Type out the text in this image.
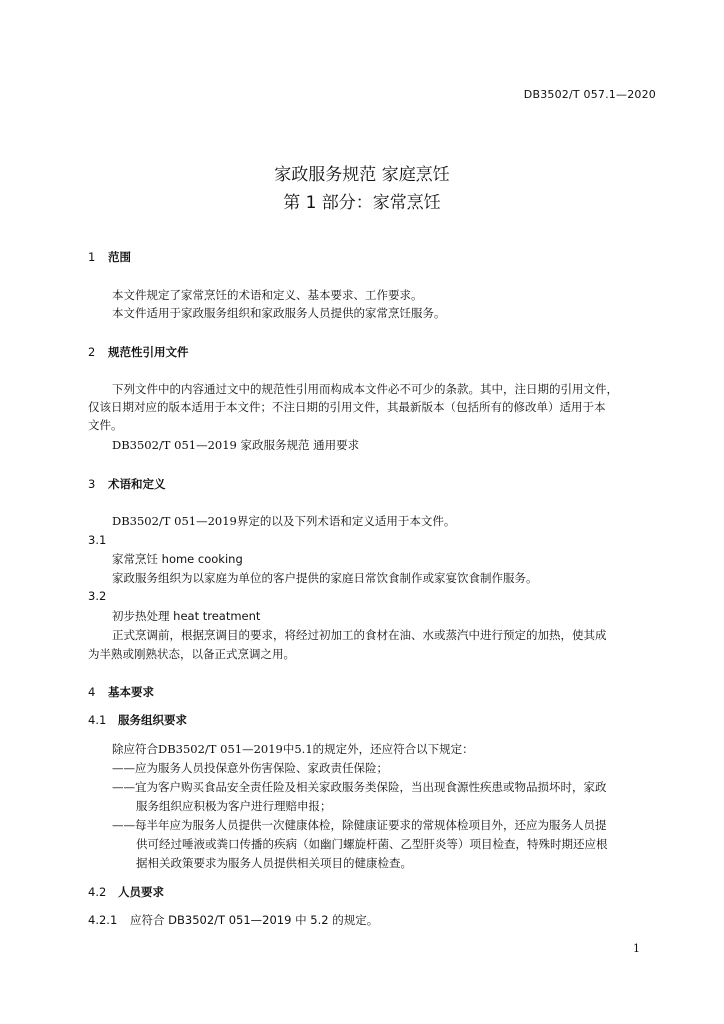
DB3502/T 057.1—2020
家政服务规范 家庭烹饪
第 1 部分：家常烹饪
1 范围
本文件规定了家常烹饪的术语和定义、基本要求、工作要求。
本文件适用于家政服务组织和家政服务人员提供的家常烹饪服务。
2 规范性引用文件
下列文件中的内容通过文中的规范性引用而构成本文件必不可少的条款。其中，注日期的引用文件，
仅该日期对应的版本适用于本文件；不注日期的引用文件，其最新版本（包括所有的修改单）适用于本
文件。
DB3502/T 051—2019 家政服务规范 通用要求
3 术语和定义
DB3502/T 051—2019界定的以及下列术语和定义适用于本文件。
3.1
家常烹饪 home cooking
家政服务组织为以家庭为单位的客户提供的家庭日常饮食制作或家宴饮食制作服务。
3.2
初步热处理 heat treatment
正式烹调前，根据烹调目的要求，将经过初加工的食材在油、水或蒸汽中进行预定的加热，使其成
为半熟或刚熟状态，以备正式烹调之用。
4 基本要求
4.1 服务组织要求
除应符合DB3502/T 051—2019中5.1的规定外，还应符合以下规定：
——应为服务人员投保意外伤害保险、家政责任保险；
——宜为客户购买食品安全责任险及相关家政服务类保险，当出现食源性疾患或物品损坏时，家政
服务组织应积极为客户进行理赔申报；
——每半年应为服务人员提供一次健康体检，除健康证要求的常规体检项目外，还应为服务人员提
供可经过唾液或粪口传播的疾病（如幽门螺旋杆菌、乙型肝炎等）项目检查，特殊时期还应根
据相关政策要求为服务人员提供相关项目的健康检查。
4.2 人员要求
4.2.1 应符合 DB3502/T 051—2019 中 5.2 的规定。
1
